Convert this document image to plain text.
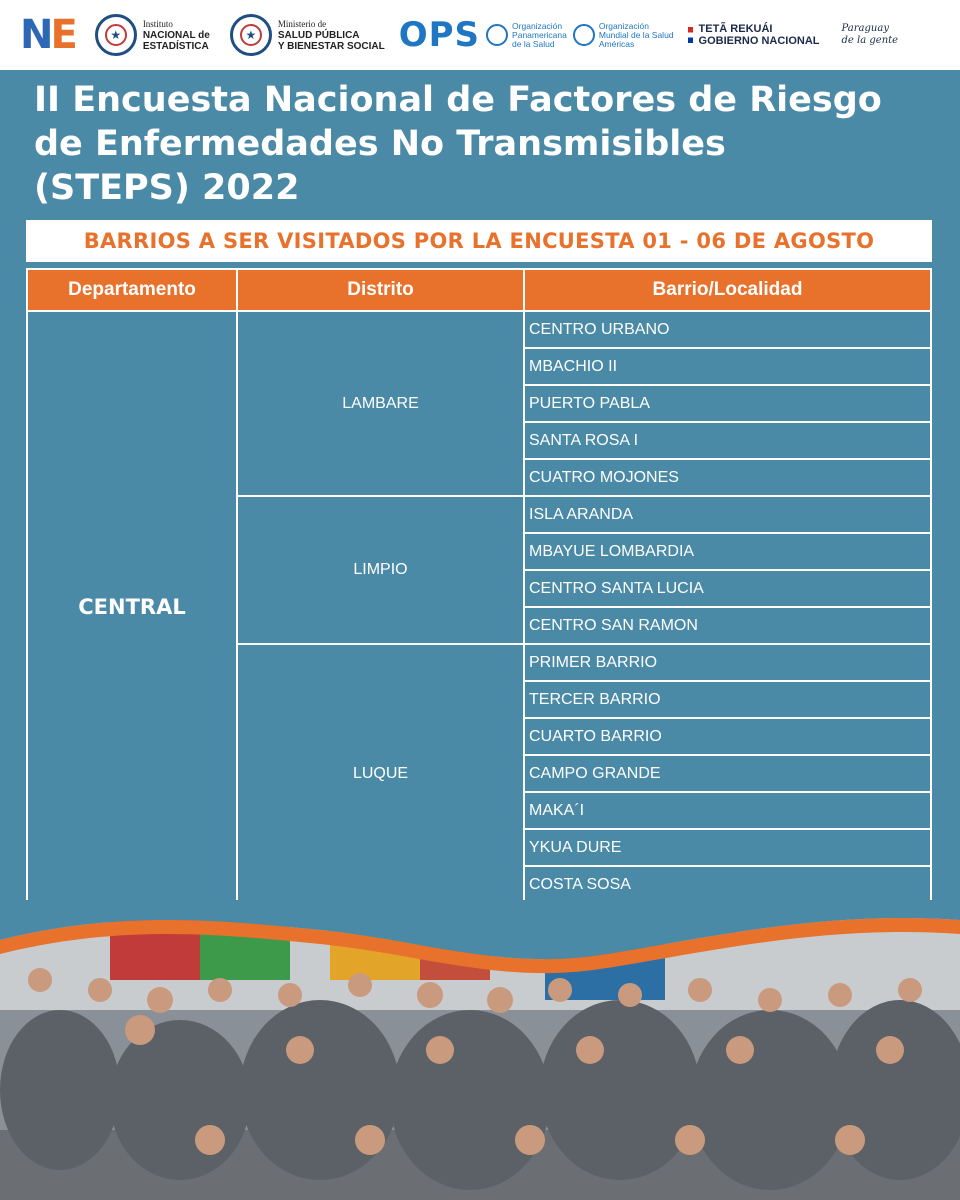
NE	★
Instituto
NACIONAL de
ESTADÍSTICA
★
Ministerio de
SALUD PÚBLICA
Y BIENESTAR SOCIAL OPS	Organización
Panamericana
de la Salud
Organización
Mundial de la Salud
Américas
TETÃ REKUÁI
GOBIERNO NACIONAL
Paraguay
de la gente
II Encuesta Nacional de Factores de Riesgo
de Enfermedades No Transmisibles
(STEPS) 2022
BARRIOS A SER VISITADOS POR LA ENCUESTA 01 - 06 DE AGOSTO
Departamento	Distrito	Barrio/Localidad
CENTRAL	LAMBARE	CENTRO URBANO
		MBACHIO II
		PUERTO PABLA
		SANTA ROSA I
		CUATRO MOJONES
	LIMPIO	ISLA ARANDA
		MBAYUE LOMBARDIA
		CENTRO SANTA LUCIA
		CENTRO SAN RAMON
	LUQUE	PRIMER BARRIO
		TERCER BARRIO
		CUARTO BARRIO
		CAMPO GRANDE
		MAKA´I
		YKUA DURE
		COSTA SOSA
